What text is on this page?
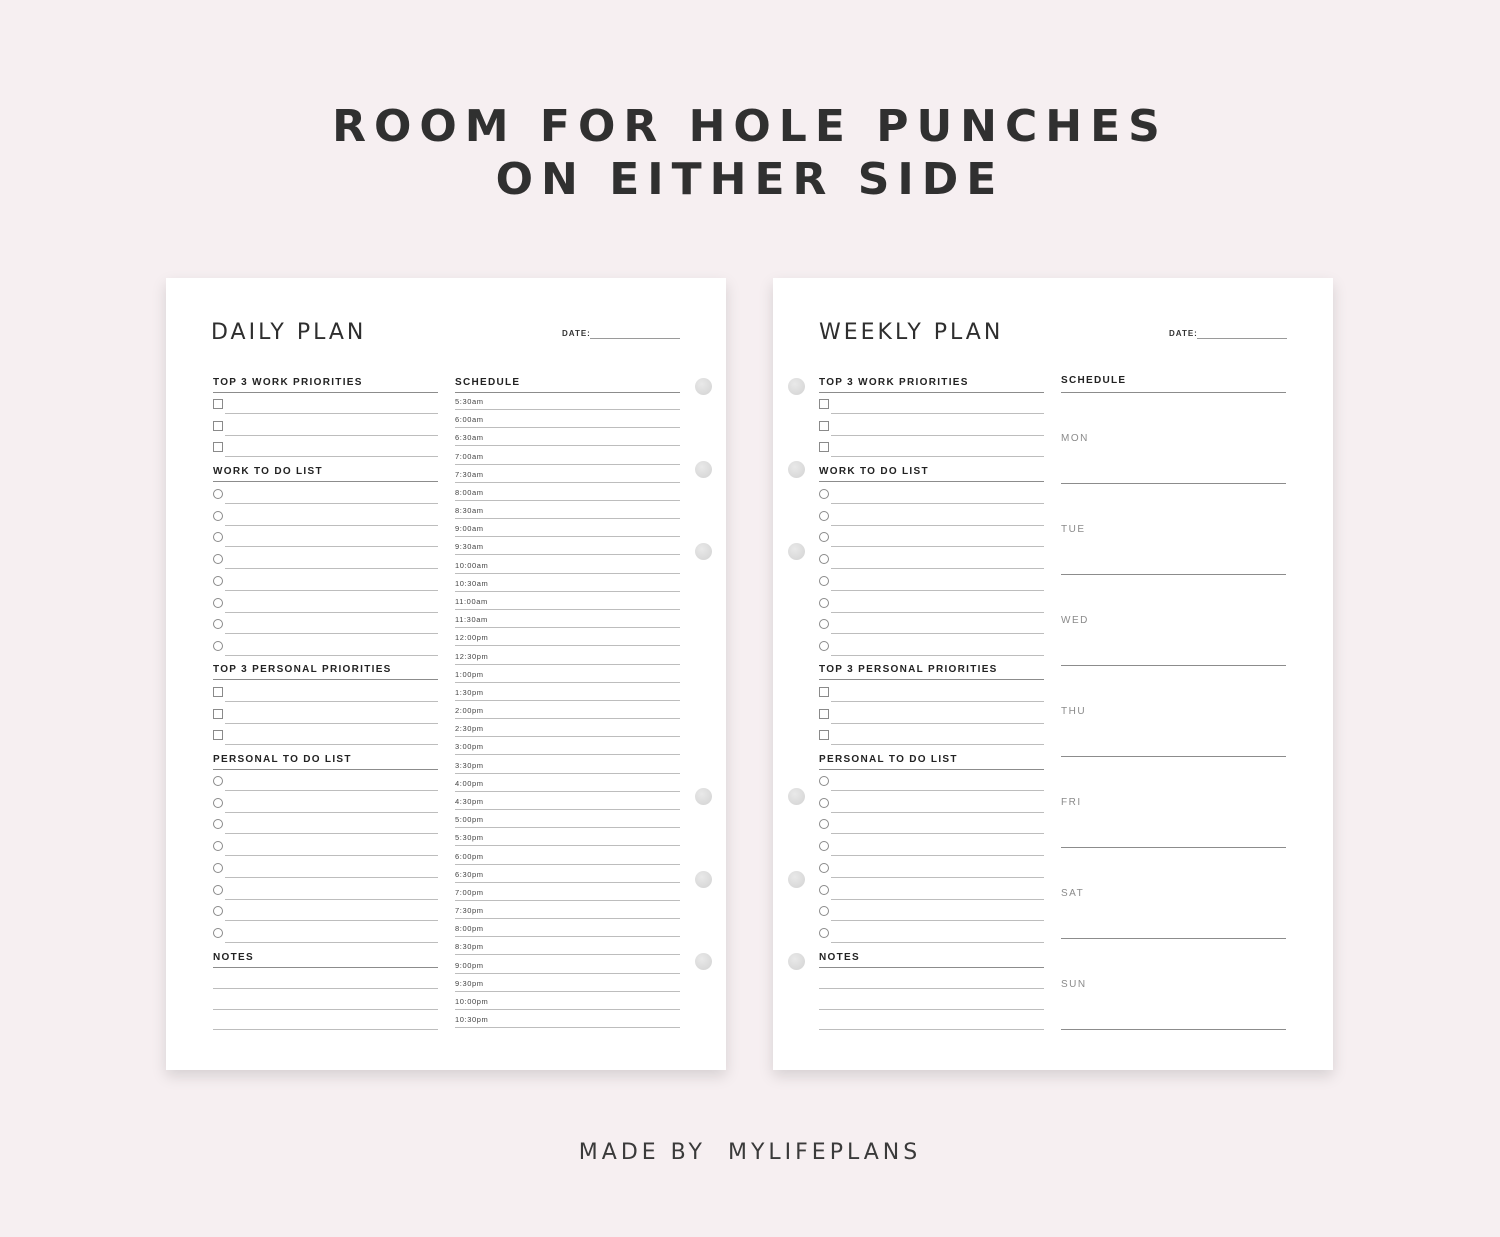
ROOM FOR HOLE PUNCHES
ON EITHER SIDE
DAILY PLAN	DATE:
TOP 3 WORK PRIORITIES
WORK TO DO LIST
TOP 3 PERSONAL PRIORITIES
PERSONAL TO DO LIST
NOTES
SCHEDULE
5:30am
6:00am
6:30am
7:00am
7:30am
8:00am
8:30am
9:00am
9:30am
10:00am
10:30am
11:00am
11:30am
12:00pm
12:30pm
1:00pm
1:30pm
2:00pm
2:30pm
3:00pm
3:30pm
4:00pm
4:30pm
5:00pm
5:30pm
6:00pm
6:30pm
7:00pm
7:30pm
8:00pm
8:30pm
9:00pm
9:30pm
10:00pm
10:30pm
WEEKLY PLAN	DATE:
TOP 3 WORK PRIORITIES
WORK TO DO LIST
TOP 3 PERSONAL PRIORITIES
PERSONAL TO DO LIST
NOTES
SCHEDULE
MON
TUE
WED
THU
FRI
SAT
SUN
MADE BY MYLIFEPLANS
